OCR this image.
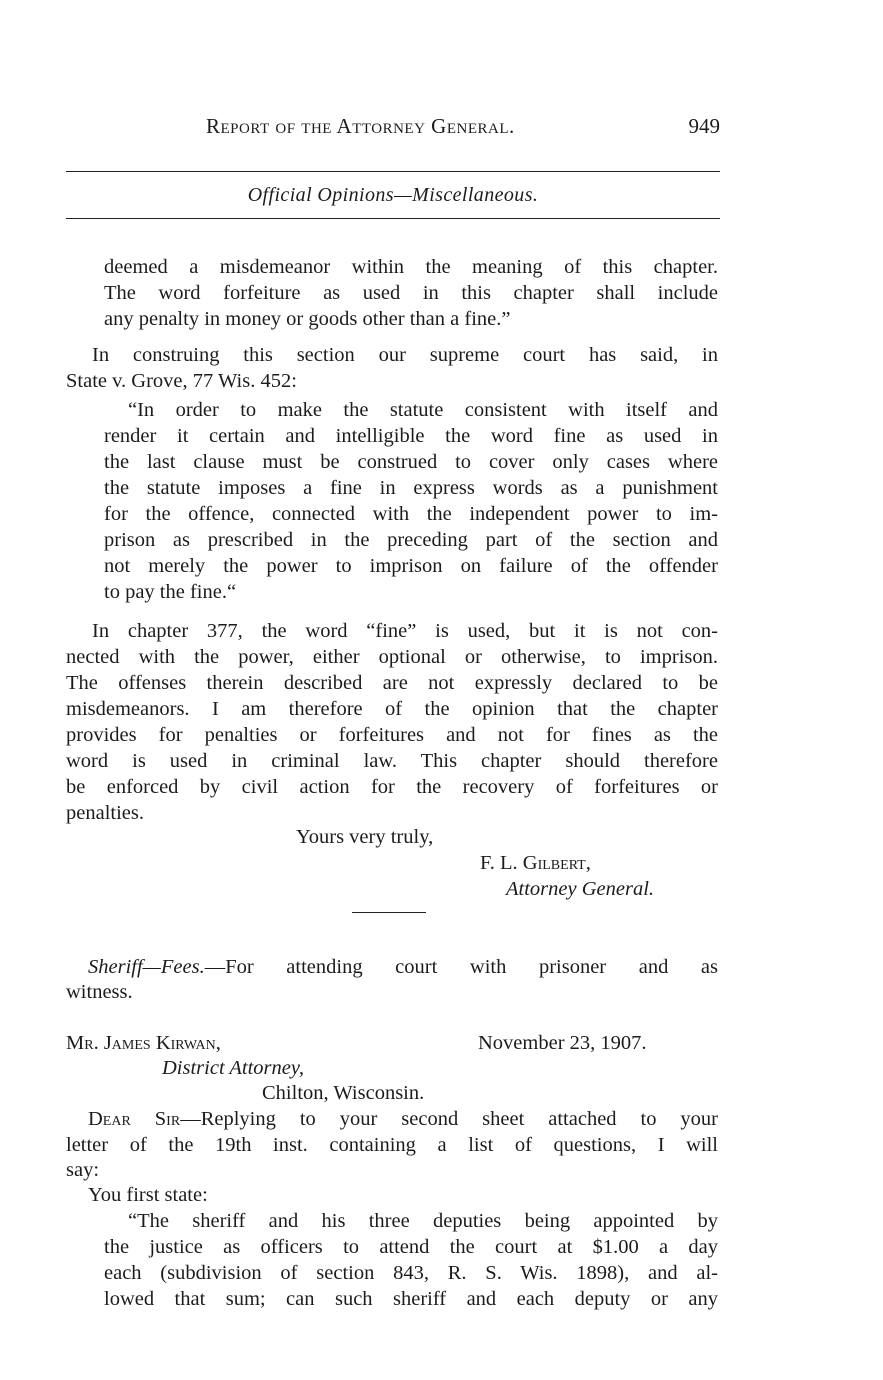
Report of the Attorney General.	949
Official Opinions—Miscellaneous.
deemed a misdemeanor within the meaning of this chapter.
The word forfeiture as used in this chapter shall include
any penalty in money or goods other than a fine.”
In construing this section our supreme court has said, in
State v. Grove, 77 Wis. 452:
“In order to make the statute consistent with itself and
render it certain and intelligible the word fine as used in
the last clause must be construed to cover only cases where
the statute imposes a fine in express words as a punishment
for the offence, connected with the independent power to im-
prison as prescribed in the preceding part of the section and
not merely the power to imprison on failure of the offender
to pay the fine.“
In chapter 377, the word “fine” is used, but it is not con-
nected with the power, either optional or otherwise, to imprison.
The offenses therein described are not expressly declared to be
misdemeanors. I am therefore of the opinion that the chapter
provides for penalties or forfeitures and not for fines as the
word is used in criminal law. This chapter should therefore
be enforced by civil action for the recovery of forfeitures or
penalties.
Yours very truly,
F. L. Gilbert,
Attorney General.
Sheriff—Fees.—For attending court with prisoner and as
witness.
Mr. James Kirwan,	November 23, 1907.
District Attorney,
Chilton, Wisconsin.
Dear Sir—Replying to your second sheet attached to your
letter of the 19th inst. containing a list of questions, I will
say:
You first state:
“The sheriff and his three deputies being appointed by
the justice as officers to attend the court at $1.00 a day
each (subdivision of section 843, R. S. Wis. 1898), and al-
lowed that sum; can such sheriff and each deputy or any
